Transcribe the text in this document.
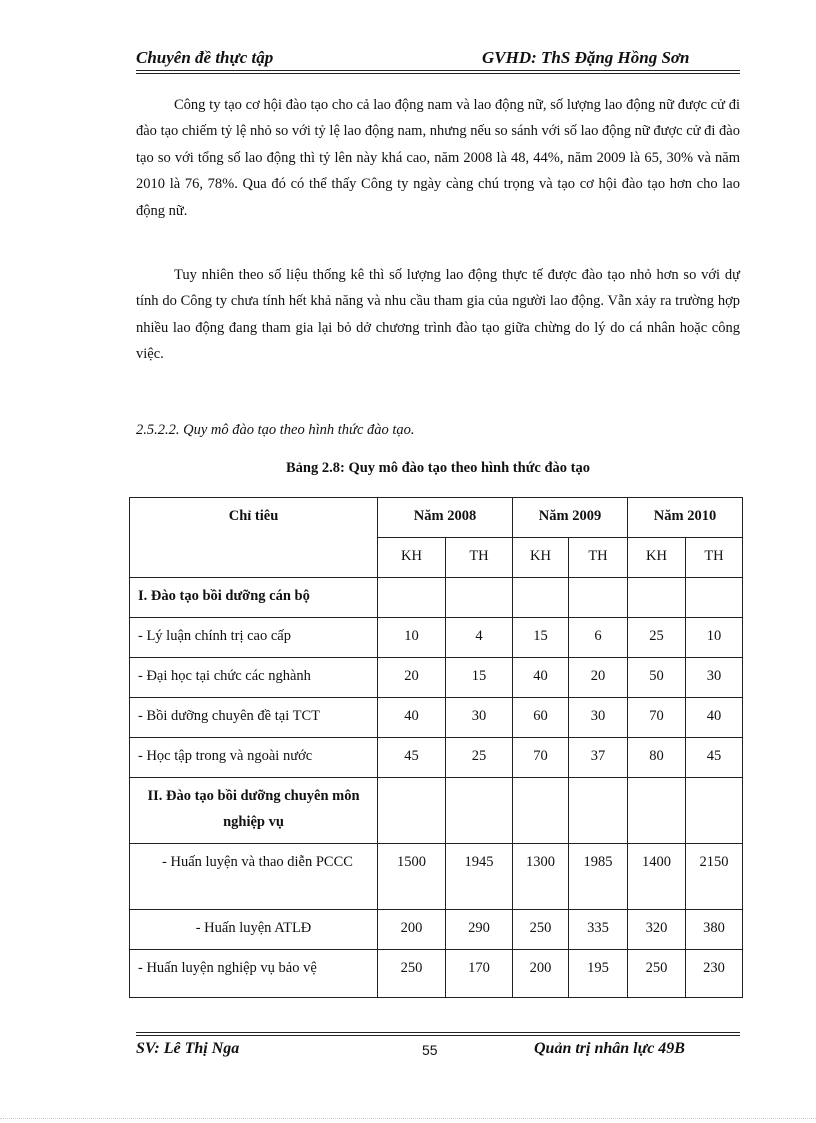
Chuyên đề thực tập	GVHD: ThS Đặng Hồng Sơn

Công ty tạo cơ hội đào tạo cho cả lao động nam và lao động nữ, số lượng lao động nữ được cử đi đào tạo chiếm tỷ lệ nhỏ so với tỷ lệ lao động nam, nhưng nếu so sánh với số lao động nữ được cử đi đào tạo so với tổng số lao động thì tỷ lên này khá cao, năm 2008 là 48, 44%, năm 2009 là 65, 30% và năm 2010 là 76, 78%. Qua đó có thể thấy Công ty ngày càng chú trọng và tạo cơ hội đào tạo hơn cho lao động nữ.

Tuy nhiên theo số liệu thống kê thì số lượng lao động thực tế được đào tạo nhỏ hơn so với dự tính do Công ty chưa tính hết khả năng và nhu cầu tham gia của người lao động. Vẫn xảy ra trường hợp nhiều lao động đang tham gia lại bỏ dở chương trình đào tạo giữa chừng do lý do cá nhân hoặc công việc.

2.5.2.2. Quy mô đào tạo theo hình thức đào tạo.
Bảng 2.8: Quy mô đào tạo theo hình thức đào tạo
Chỉ tiêu	Năm 2008		Năm 2009		Năm 2010	
	KH	TH	KH	TH	KH	TH
I. Đào tạo bồi dưỡng cán bộ						
- Lý luận chính trị cao cấp	10	4	15	6	25	10
- Đại học tại chức các nghành	20	15	40	20	50	30
- Bồi dưỡng chuyên đề tại TCT	40	30	60	30	70	40
- Học tập trong và ngoài nước	45	25	70	37	80	45
II. Đào tạo bồi dưỡng chuyên môn nghiệp vụ						
- Huấn luyện và thao diễn PCCC	1500	1945	1300	1985	1400	2150
- Huấn luyện ATLĐ	200	290	250	335	320	380
- Huấn luyện nghiệp vụ bảo vệ	250	170	200	195	250	230
SV: Lê Thị Nga	55	Quản trị nhân lực 49B
